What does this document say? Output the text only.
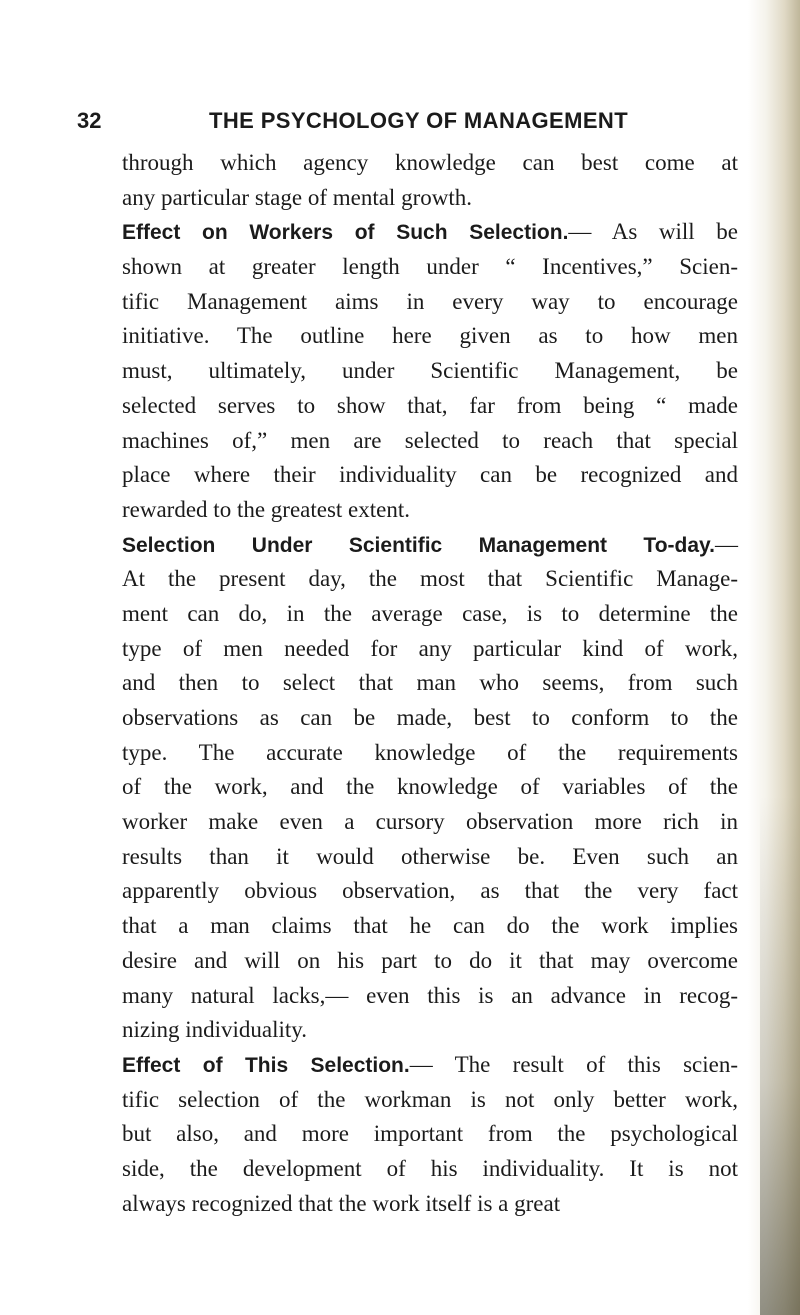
32	THE PSYCHOLOGY OF MANAGEMENT
through which agency knowledge can best come at
any particular stage of mental growth.
Effect on Workers of Such Selection.— As will be
shown at greater length under “ Incentives,” Scien-
tific Management aims in every way to encourage
initiative. The outline here given as to how men
must, ultimately, under Scientific Management, be
selected serves to show that, far from being “ made
machines of,” men are selected to reach that special
place where their individuality can be recognized and
rewarded to the greatest extent.
Selection Under Scientific Management To-day.—
At the present day, the most that Scientific Manage-
ment can do, in the average case, is to determine the
type of men needed for any particular kind of work,
and then to select that man who seems, from such
observations as can be made, best to conform to the
type. The accurate knowledge of the requirements
of the work, and the knowledge of variables of the
worker make even a cursory observation more rich in
results than it would otherwise be. Even such an
apparently obvious observation, as that the very fact
that a man claims that he can do the work implies
desire and will on his part to do it that may overcome
many natural lacks,— even this is an advance in recog-
nizing individuality.
Effect of This Selection.— The result of this scien-
tific selection of the workman is not only better work,
but also, and more important from the psychological
side, the development of his individuality. It is not
always recognized that the work itself is a great
